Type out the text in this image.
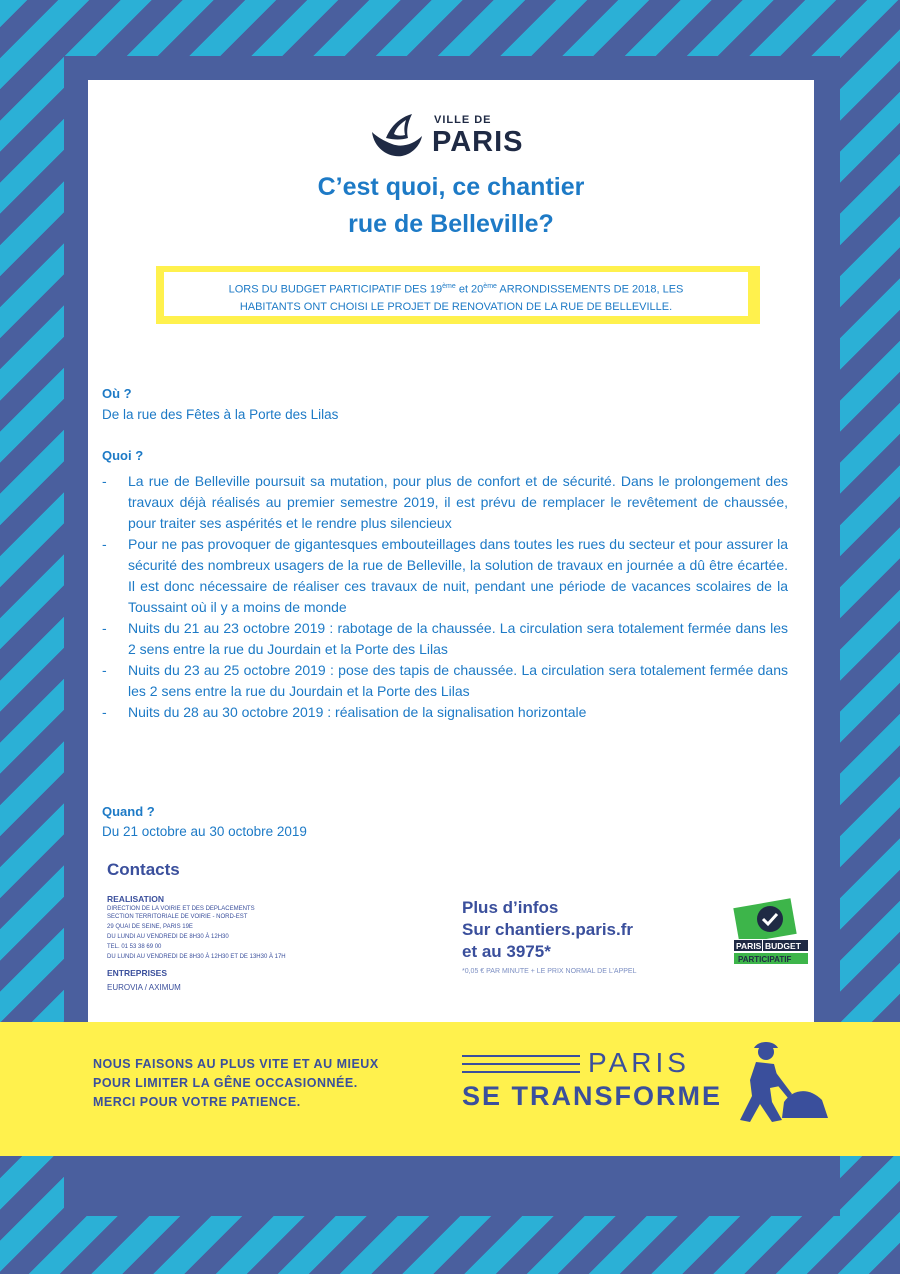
VILLE DE
PARIS
C’est quoi, ce chantier
rue de Belleville?
LORS DU BUDGET PARTICIPATIF DES 19ème et 20ème ARRONDISSEMENTS DE 2018, LES
HABITANTS ONT CHOISI LE PROJET DE RENOVATION DE LA RUE DE BELLEVILLE.
Où ?
De la rue des Fêtes à la Porte des Lilas
Quoi ?
- La rue de Belleville poursuit sa mutation, pour plus de confort et de sécurité. Dans le prolongement des travaux déjà réalisés au premier semestre 2019, il est prévu de remplacer le revêtement de chaussée, pour traiter ses aspérités et le rendre plus silencieux
- Pour ne pas provoquer de gigantesques embouteillages dans toutes les rues du secteur et pour assurer la sécurité des nombreux usagers de la rue de Belleville, la solution de travaux en journée a dû être écartée. Il est donc nécessaire de réaliser ces travaux de nuit, pendant une période de vacances scolaires de la Toussaint où il y a moins de monde
- Nuits du 21 au 23 octobre 2019 : rabotage de la chaussée. La circulation sera totalement fermée dans les 2 sens entre la rue du Jourdain et la Porte des Lilas
- Nuits du 23 au 25 octobre 2019 : pose des tapis de chaussée. La circulation sera totalement fermée dans les 2 sens entre la rue du Jourdain et la Porte des Lilas
- Nuits du 28 au 30 octobre 2019 : réalisation de la signalisation horizontale
Quand ?
Du 21 octobre au 30 octobre 2019
Contacts
REALISATION
DIRECTION DE LA VOIRIE ET DES DEPLACEMENTS
SECTION TERRITORIALE DE VOIRIE - NORD-EST
29 QUAI DE SEINE, PARIS 19E
DU LUNDI AU VENDREDI DE 8H30 À 12H30
TEL. 01 53 38 69 00
DU LUNDI AU VENDREDI DE 8H30 À 12H30 ET DE 13H30 À 17H
ENTREPRISES
EUROVIA / AXIMUM
Plus d’infos
Sur chantiers.paris.fr
et au 3975*
*0,05 € PAR MINUTE + LE PRIX NORMAL DE L’APPEL
PARIS BUDGET
PARTICIPATIF
NOUS FAISONS AU PLUS VITE ET AU MIEUX
POUR LIMITER LA GÊNE OCCASIONNÉE.
MERCI POUR VOTRE PATIENCE.
PARIS
SE TRANSFORME
